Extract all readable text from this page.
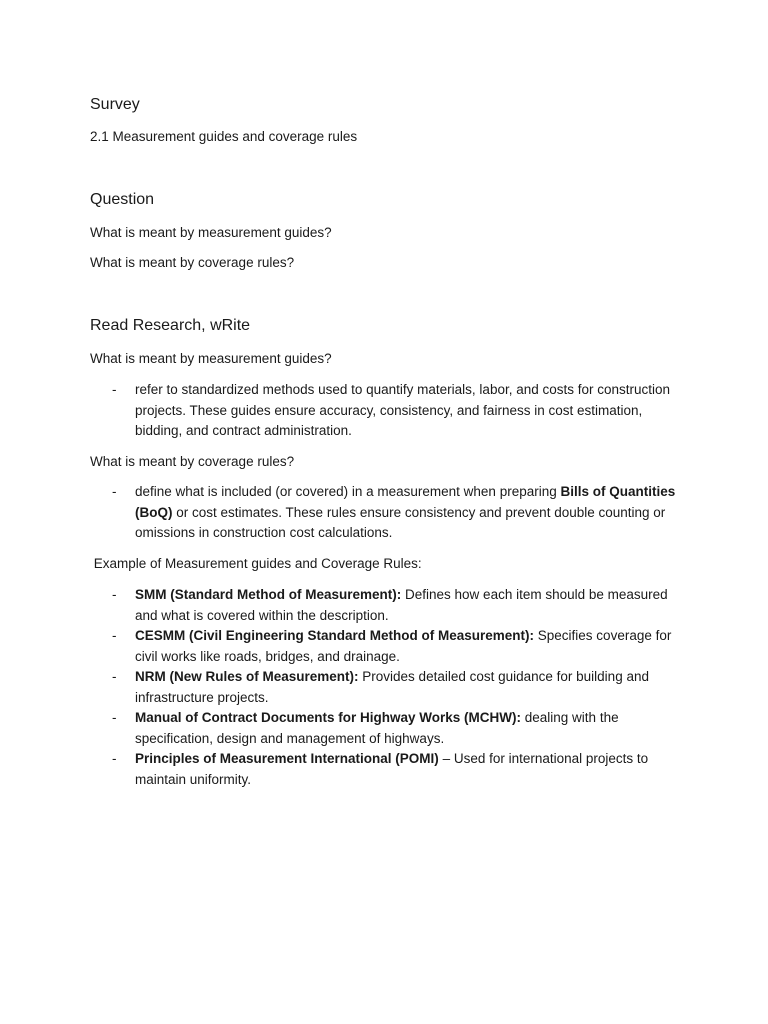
Survey
2.1 Measurement guides and coverage rules
Question
What is meant by measurement guides?
What is meant by coverage rules?
Read Research, wRite
What is meant by measurement guides?
- refer to standardized methods used to quantify materials, labor, and costs for construction projects. These guides ensure accuracy, consistency, and fairness in cost estimation, bidding, and contract administration.
What is meant by coverage rules?
- define what is included (or covered) in a measurement when preparing Bills of Quantities (BoQ) or cost estimates. These rules ensure consistency and prevent double counting or omissions in construction cost calculations.
Example of Measurement guides and Coverage Rules:
- SMM (Standard Method of Measurement): Defines how each item should be measured and what is covered within the description.
- CESMM (Civil Engineering Standard Method of Measurement): Specifies coverage for civil works like roads, bridges, and drainage.
- NRM (New Rules of Measurement): Provides detailed cost guidance for building and infrastructure projects.
- Manual of Contract Documents for Highway Works (MCHW): dealing with the specification, design and management of highways.
- Principles of Measurement International (POMI) – Used for international projects to maintain uniformity.
